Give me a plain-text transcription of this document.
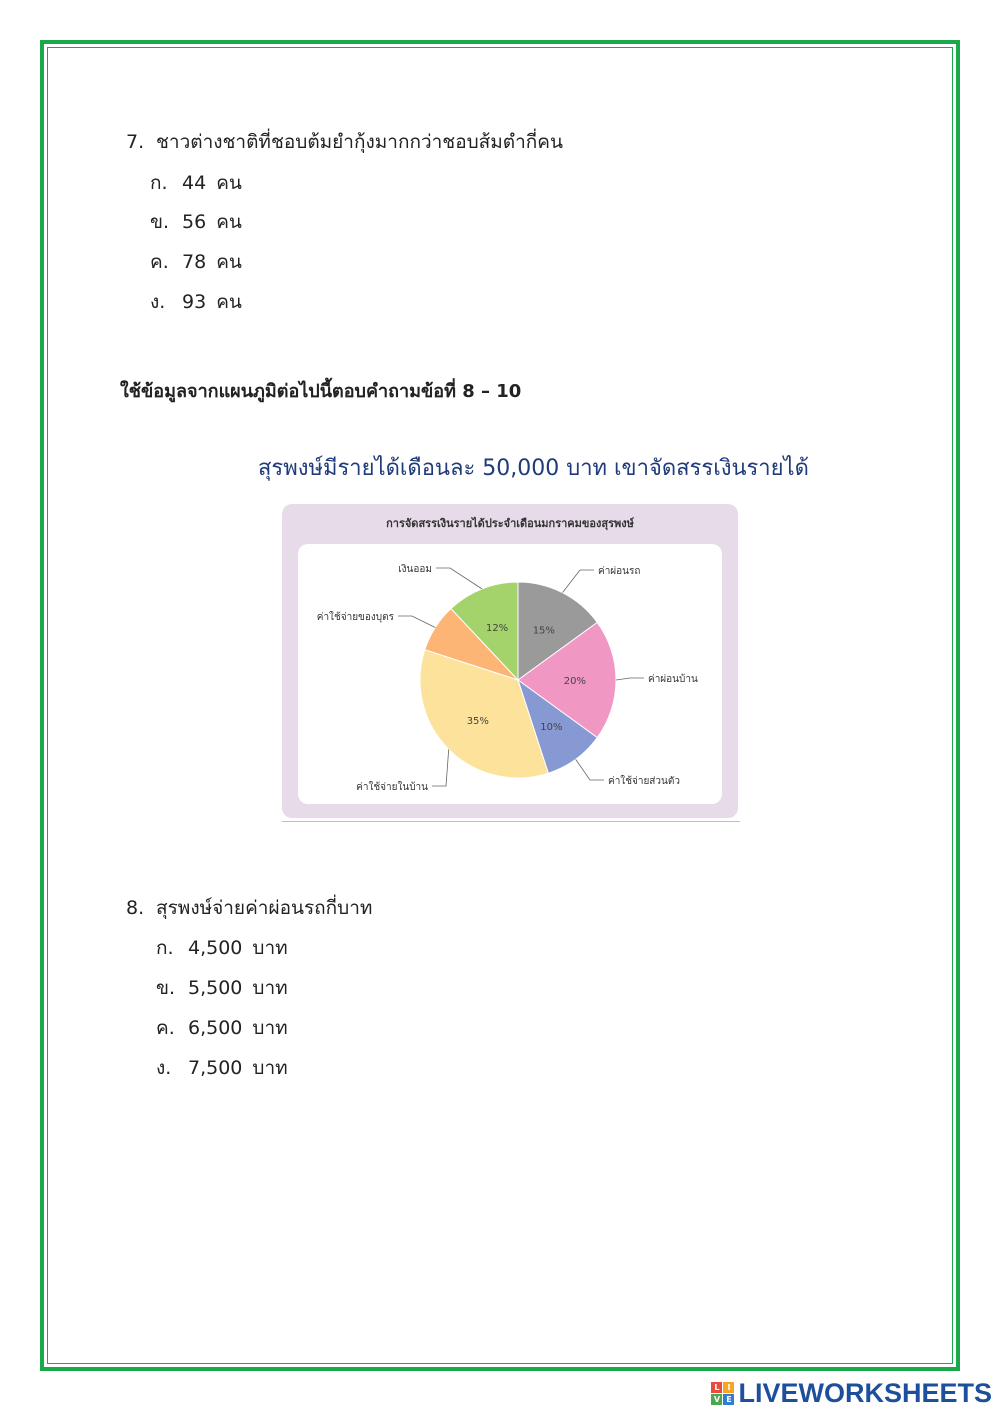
7. ชาวต่างชาติที่ชอบต้มยำกุ้งมากกว่าชอบส้มตำกี่คน
ก. 44 คน
ข. 56 คน
ค. 78 คน
ง. 93 คน
ใช้ข้อมูลจากแผนภูมิต่อไปนี้ตอบคำถามข้อที่ 8 – 10
สุรพงษ์มีรายได้เดือนละ 50,000 บาท เขาจัดสรรเงินรายได้
การจัดสรรเงินรายได้ประจำเดือนมกราคมของสุรพงษ์
15%
ค่าผ่อนรถ
20%	ค่าผ่อนบ้าน
10%
ค่าใช้จ่ายส่วนตัว
35%
ค่าใช้จ่ายในบ้าน
ค่าใช้จ่ายของบุตร
12%
เงินออม
8. สุรพงษ์จ่ายค่าผ่อนรถกี่บาท
ก. 4,500 บาท
ข. 5,500 บาท
ค. 6,500 บาท
ง. 7,500 บาท
L I
V E LIVEWORKSHEETS
